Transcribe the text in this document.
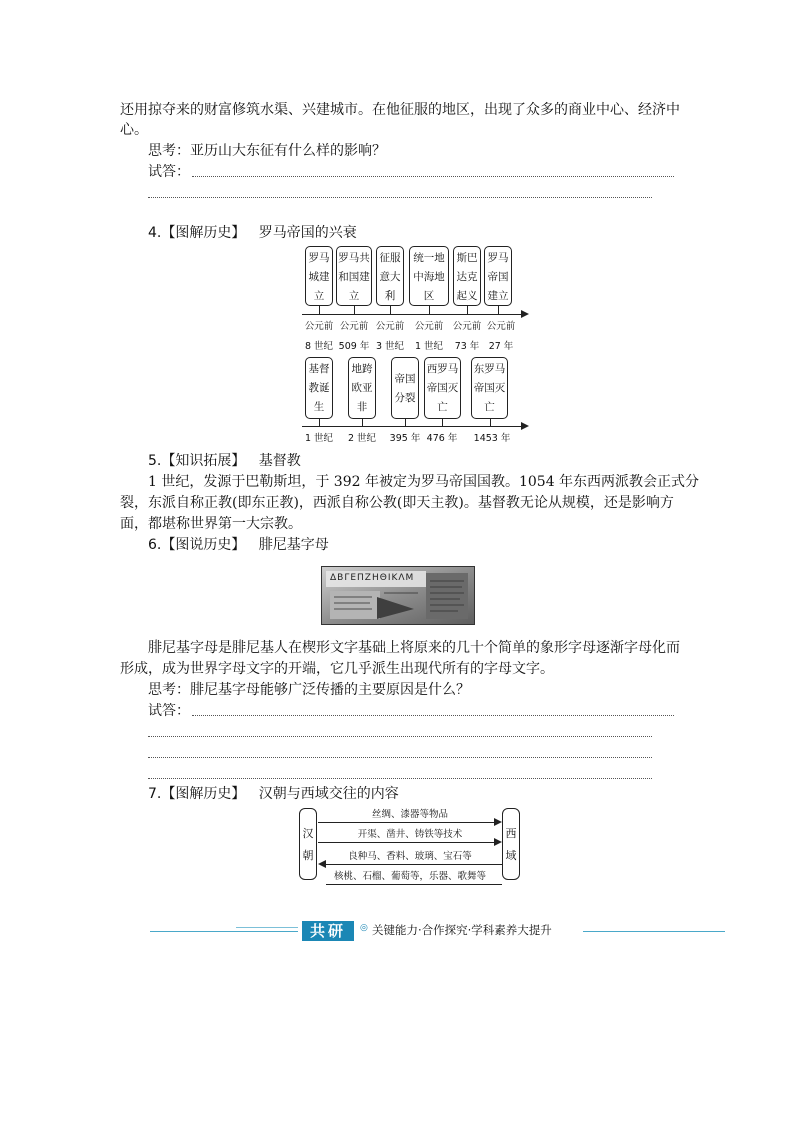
还用掠夺来的财富修筑水渠、兴建城市。在他征服的地区，出现了众多的商业中心、经济中
心。
思考：亚历山大东征有什么样的影响？
试答：
4.【图解历史】 罗马帝国的兴衰
罗马
城建
立
罗马共
和国建
立
征服
意大
利
统一地
中海地
区
斯巴
达克
起义
罗马
帝国
建立
公元前 公元前 公元前 公元前 公元前 公元前
8 世纪 509 年 3 世纪 1 世纪 73 年 27 年
基督
教诞
生
地跨
欧亚
非
帝国
分裂
西罗马
帝国灭
亡
东罗马
帝国灭
亡
1 世纪 2 世纪 395 年 476 年 1453 年
5.【知识拓展】 基督教
1 世纪，发源于巴勒斯坦，于 392 年被定为罗马帝国国教。1054 年东西两派教会正式分
裂，东派自称正教(即东正教)，西派自称公教(即天主教)。基督教无论从规模，还是影响方
面，都堪称世界第一大宗教。
6.【图说历史】 腓尼基字母
ΔΒΓΕΠΖΗΘΙΚΛΜ
腓尼基字母是腓尼基人在楔形文字基础上将原来的几十个简单的象形字母逐渐字母化而
形成，成为世界字母文字的开端，它几乎派生出现代所有的字母文字。
思考：腓尼基字母能够广泛传播的主要原因是什么？
试答：
7.【图解历史】 汉朝与西域交往的内容
汉
朝
西
域
丝绸、漆器等物品
开渠、凿井、铸铁等技术
良种马、香料、玻璃、宝石等
核桃、石榴、葡萄等，乐器、歌舞等
共研	◎ 关键能力·合作探究·学科素养大提升
